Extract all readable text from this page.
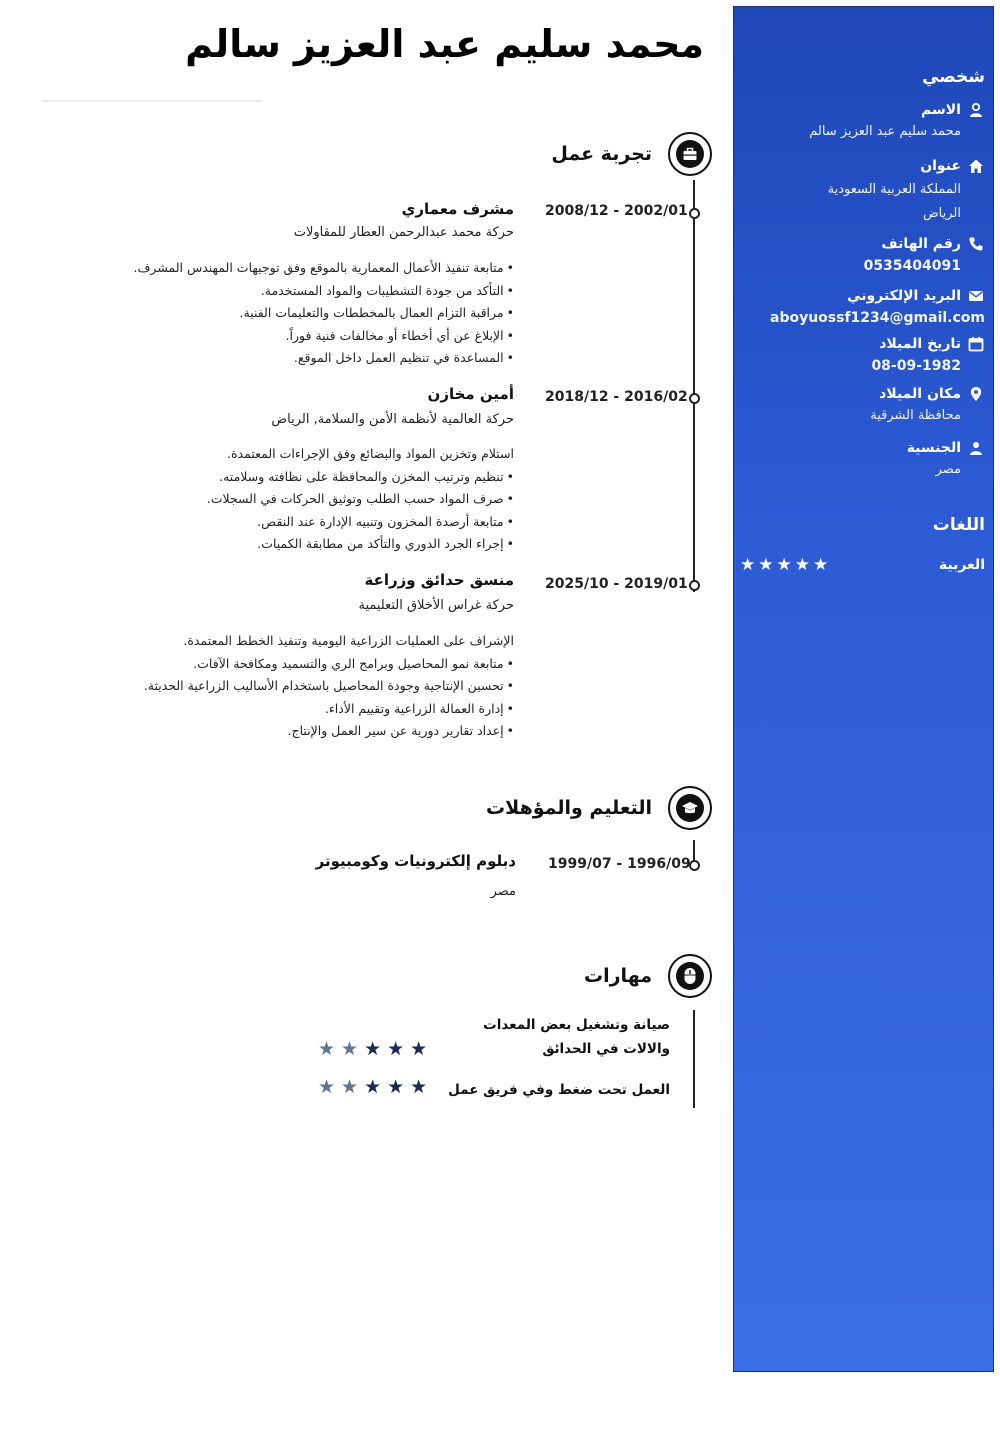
محمد سليم عبد العزيز سالم
شخصي
الاسم
محمد سليم عبد العزيز سالم
عنوان
المملكة العربية السعودية
الرياض
رقم الهاتف
0535404091
البريد الإلكتروني
aboyuossf1234@gmail.com
تاريخ الميلاد
08-09-1982
مكان الميلاد
محافظة الشرقية
الجنسية
مصر
اللغات
العربية
★★★★★
تجربة عمل
2008/12 - 2002/01
مشرف معماري
حركة محمد عبدالرحمن العطار للمقاولات
• متابعة تنفيذ الأعمال المعمارية بالموقع وفق توجيهات المهندس المشرف.
• التأكد من جودة التشطيبات والمواد المستخدمة.
• مراقبة التزام العمال بالمخططات والتعليمات الفنية.
• الإبلاغ عن أي أخطاء أو مخالفات فنية فوراً.
• المساعدة في تنظيم العمل داخل الموقع.
2018/12 - 2016/02
أمين مخازن
حركة العالمية لأنظمة الأمن والسلامة, الرياض
استلام وتخزين المواد والبضائع وفق الإجراءات المعتمدة.
• تنظيم وترتيب المخزن والمحافظة على نظافته وسلامته.
• صرف المواد حسب الطلب وتوثيق الحركات في السجلات.
• متابعة أرصدة المخزون وتنبيه الإدارة عند النقص.
• إجراء الجرد الدوري والتأكد من مطابقة الكميات.
2025/10 - 2019/01
منسق حدائق وزراعة
حركة غراس الأخلاق التعليمية
الإشراف على العمليات الزراعية اليومية وتنفيذ الخطط المعتمدة.
• متابعة نمو المحاصيل وبرامج الري والتسميد ومكافحة الآفات.
• تحسين الإنتاجية وجودة المحاصيل باستخدام الأساليب الزراعية الحديثة.
• إدارة العمالة الزراعية وتقييم الأداء.
• إعداد تقارير دورية عن سير العمل والإنتاج.
التعليم والمؤهلات
1999/07 - 1996/09
دبلوم إلكترونيات وكومبيوتر
مصر
مهارات
صيانة وتشغيل بعض المعدات
والالات في الحدائق
★★★★★
العمل تحت ضغط وفي فريق عمل
★★★★★
